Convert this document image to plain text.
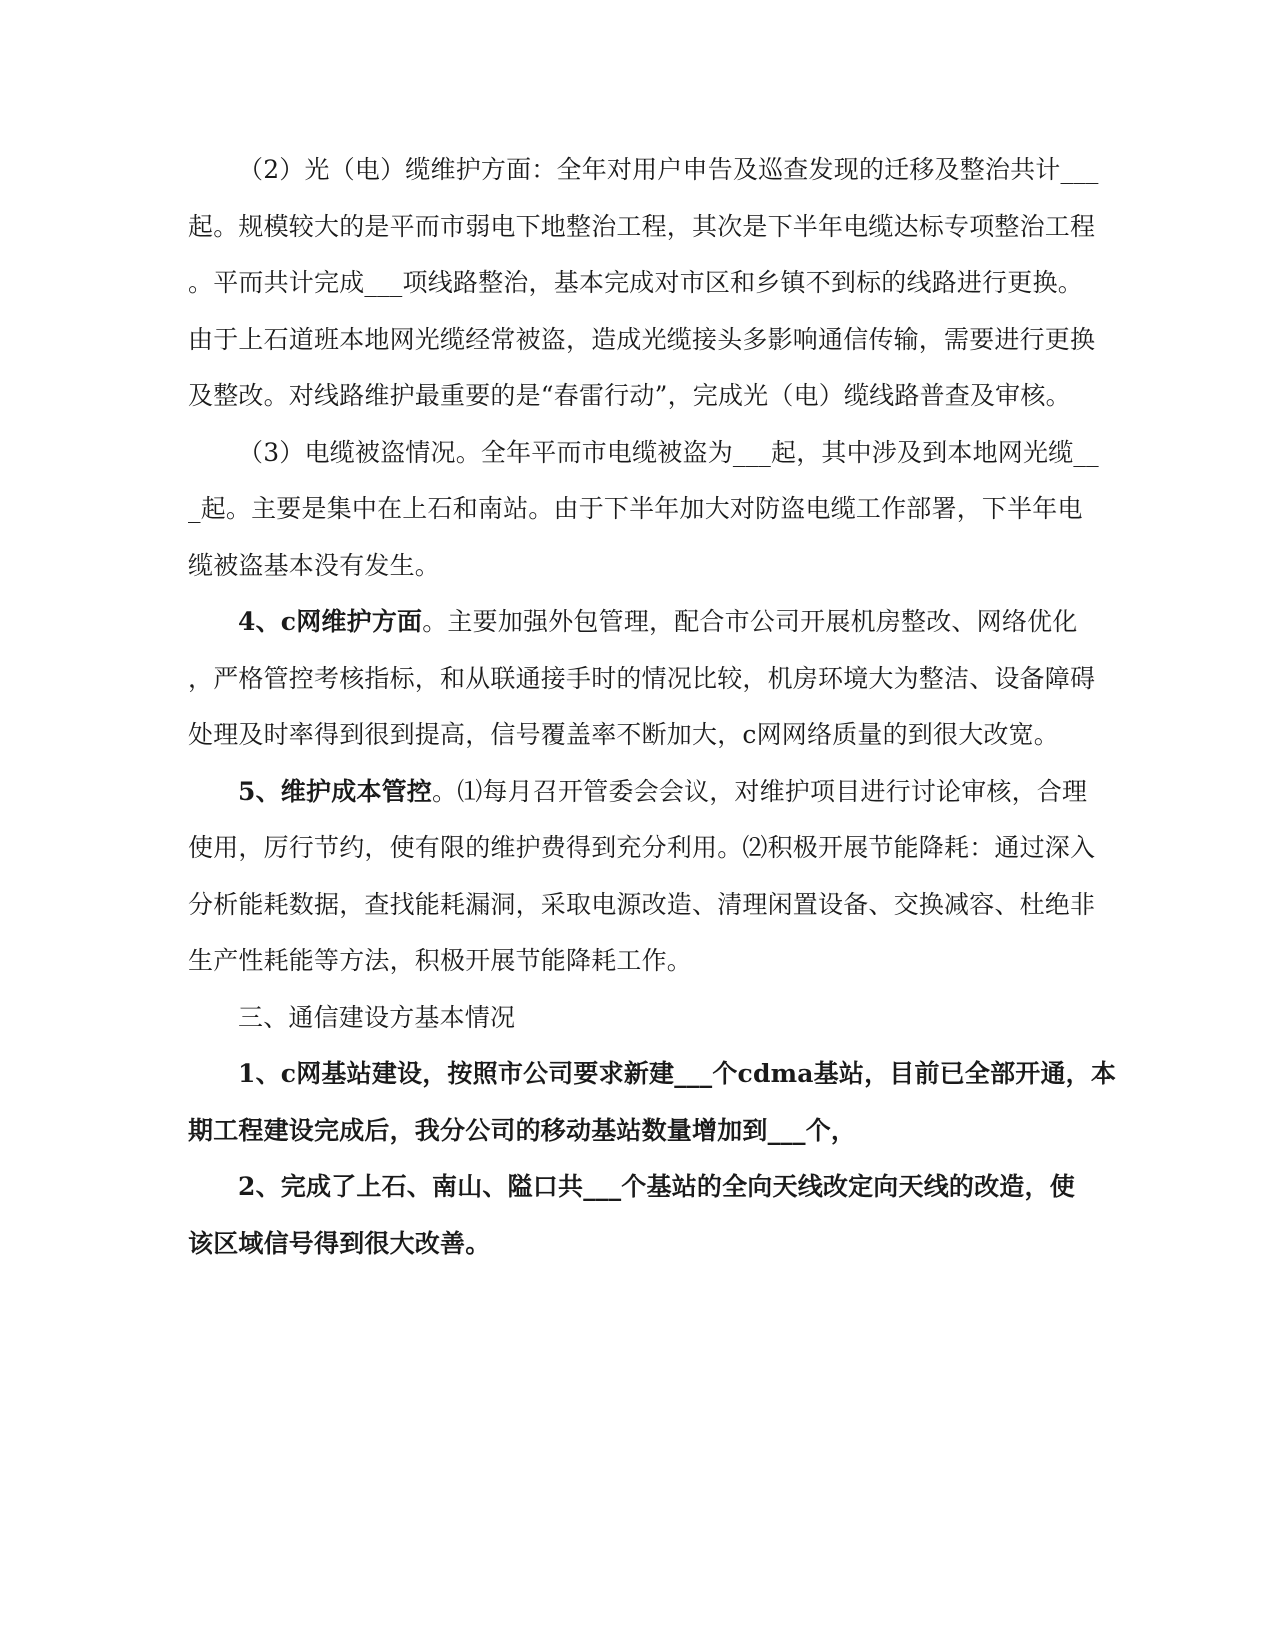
（2）光（电）缆维护方面：全年对用户申告及巡查发现的迁移及整治共计___
起。规模较大的是平而市弱电下地整治工程，其次是下半年电缆达标专项整治工程
。平而共计完成___项线路整治，基本完成对市区和乡镇不到标的线路进行更换。
由于上石道班本地网光缆经常被盗，造成光缆接头多影响通信传输，需要进行更换
及整改。对线路维护最重要的是“春雷行动”，完成光（电）缆线路普查及审核。
（3）电缆被盗情况。全年平而市电缆被盗为___起，其中涉及到本地网光缆__
_起。主要是集中在上石和南站。由于下半年加大对防盗电缆工作部署，下半年电
缆被盗基本没有发生。
4、c网维护方面。主要加强外包管理，配合市公司开展机房整改、网络优化
，严格管控考核指标，和从联通接手时的情况比较，机房环境大为整洁、设备障碍
处理及时率得到很到提高，信号覆盖率不断加大，c网网络质量的到很大改宽。
5、维护成本管控。⑴每月召开管委会会议，对维护项目进行讨论审核，合理
使用，厉行节约，使有限的维护费得到充分利用。⑵积极开展节能降耗：通过深入
分析能耗数据，查找能耗漏洞，采取电源改造、清理闲置设备、交换减容、杜绝非
生产性耗能等方法，积极开展节能降耗工作。
三、通信建设方基本情况
1、c网基站建设，按照市公司要求新建___个cdma基站，目前已全部开通，本
期工程建设完成后，我分公司的移动基站数量增加到___个，
2、完成了上石、南山、隘口共___个基站的全向天线改定向天线的改造，使
该区域信号得到很大改善。
